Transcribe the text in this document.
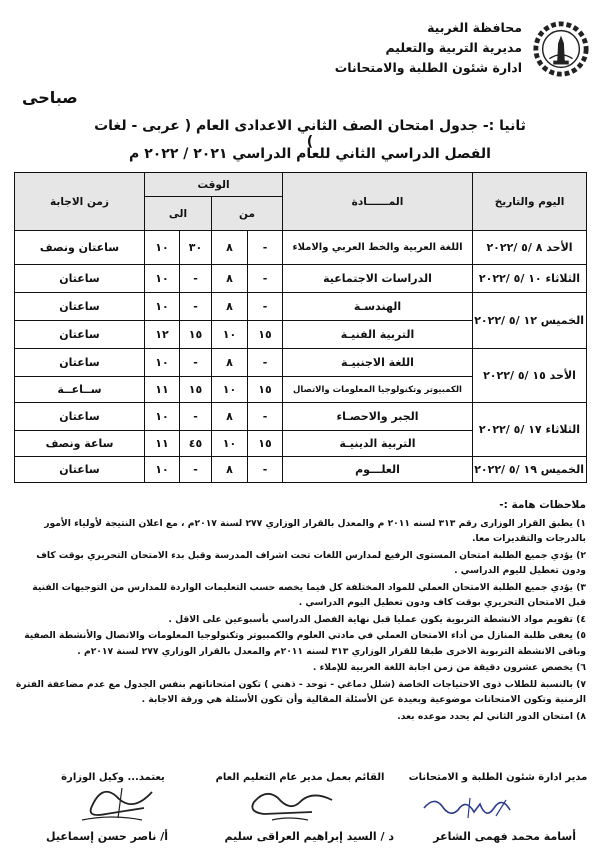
محافظة الغربية
مديرية التربية والتعليم
ادارة شئون الطلبة والامتحانات
صباحى
ثانيا :- جدول امتحان الصف الثاني الاعدادى العام ( عربى - لغات )
الفصل الدراسي الثاني للعام الدراسي ٢٠٢١ / ٢٠٢٢ م
اليوم والتاريخ	المــــــادة	الوقت				زمن الاجابة
		من		الى		
الأحد ٨ /٥ /٢٠٢٢	اللغة العربية والخط العربي والاملاء	-	٨	٣٠	١٠	ساعتان ونصف
الثلاثاء ١٠ /٥ /٢٠٢٢	الدراسات الاجتماعية	-	٨	-	١٠	ساعتان
الخميس ١٢ /٥ /٢٠٢٢	الهندسـة	-	٨	-	١٠	ساعتان
	التربية الفنيـة	١٥	١٠	١٥	١٢	ساعتان
الأحد ١٥ /٥ /٢٠٢٢	اللغة الاجنبيـة	-	٨	-	١٠	ساعتان
	الكمبيوتر وتكنولوجيا المعلومات والاتصال	١٥	١٠	١٥	١١	ســاعــة
الثلاثاء ١٧ /٥ /٢٠٢٢	الجبر والاحصـاء	-	٨	-	١٠	ساعتان
	التربية الدينيـة	١٥	١٠	٤٥	١١	ساعة ونصف
الخميس ١٩ /٥ /٢٠٢٢	العلـــوم	-	٨	-	١٠	ساعتان
ملاحظات هامة :-
١) يطبق القرار الوزارى رقم ٣١٣ لسنه ٢٠١١ م والمعدل بالقرار الوزاري ٢٧٧ لسنة ٢٠١٧م ، مع اعلان النتيجة لأولياء الأمور بالدرجات والتقديرات معا.
٢) يؤدي جميع الطلبة امتحان المستوى الرفيع لمدارس اللغات تحت اشراف المدرسة وقبل بدء الامتحان التحريري بوقت كاف ودون تعطيل لليوم الدراسي .
٣) يؤدي جميع الطلبة الامتحان العملي للمواد المختلفة كل فيما يخصه حسب التعليمات الواردة للمدارس من التوجيهات الفنية قبل الامتحان التحريري بوقت كاف ودون تعطيل اليوم الدراسي .
٤) تقويم مواد الانشطة التربوية يكون عمليا قبل نهاية الفصل الدراسي بأسبوعين على الاقل .
٥) يعفى طلبة المنازل من أداء الامتحان العملي في مادتي العلوم والكمبيوتر وتكنولوجيا المعلومات والاتصال والأنشطة الصفية وباقى الانشطة التربوية الاخرى طبقا للقرار الوزاري ٣١٣ لسنه ٢٠١١م والمعدل بالقرار الوزاري ٢٧٧ لسنة ٢٠١٧م .
٦) يخصص عشرون دقيقة من زمن اجابة اللغة العربية للإملاء .
٧) بالنسبة للطلاب ذوى الاحتياجات الخاصة (شلل دماغي - توحد - ذهني ) تكون امتحاناتهم بنفس الجدول مع عدم مضاعفة الفترة الزمنية وتكون الامتحانات موضوعية وبعيدة عن الأسئلة المقالية وأن تكون الأسئلة هي ورقة الاجابة .
٨) امتحان الدور الثاني لم يحدد موعده بعد.
مدير ادارة شئون الطلبة و الامتحانات
أسامة محمد فهمى الشاعر
القائم بعمل مدير عام التعليم العام
د / السيد إبراهيم العراقى سليم
يعتمد... وكيل الوزارة
أ/ ناصر حسن إسماعيل
